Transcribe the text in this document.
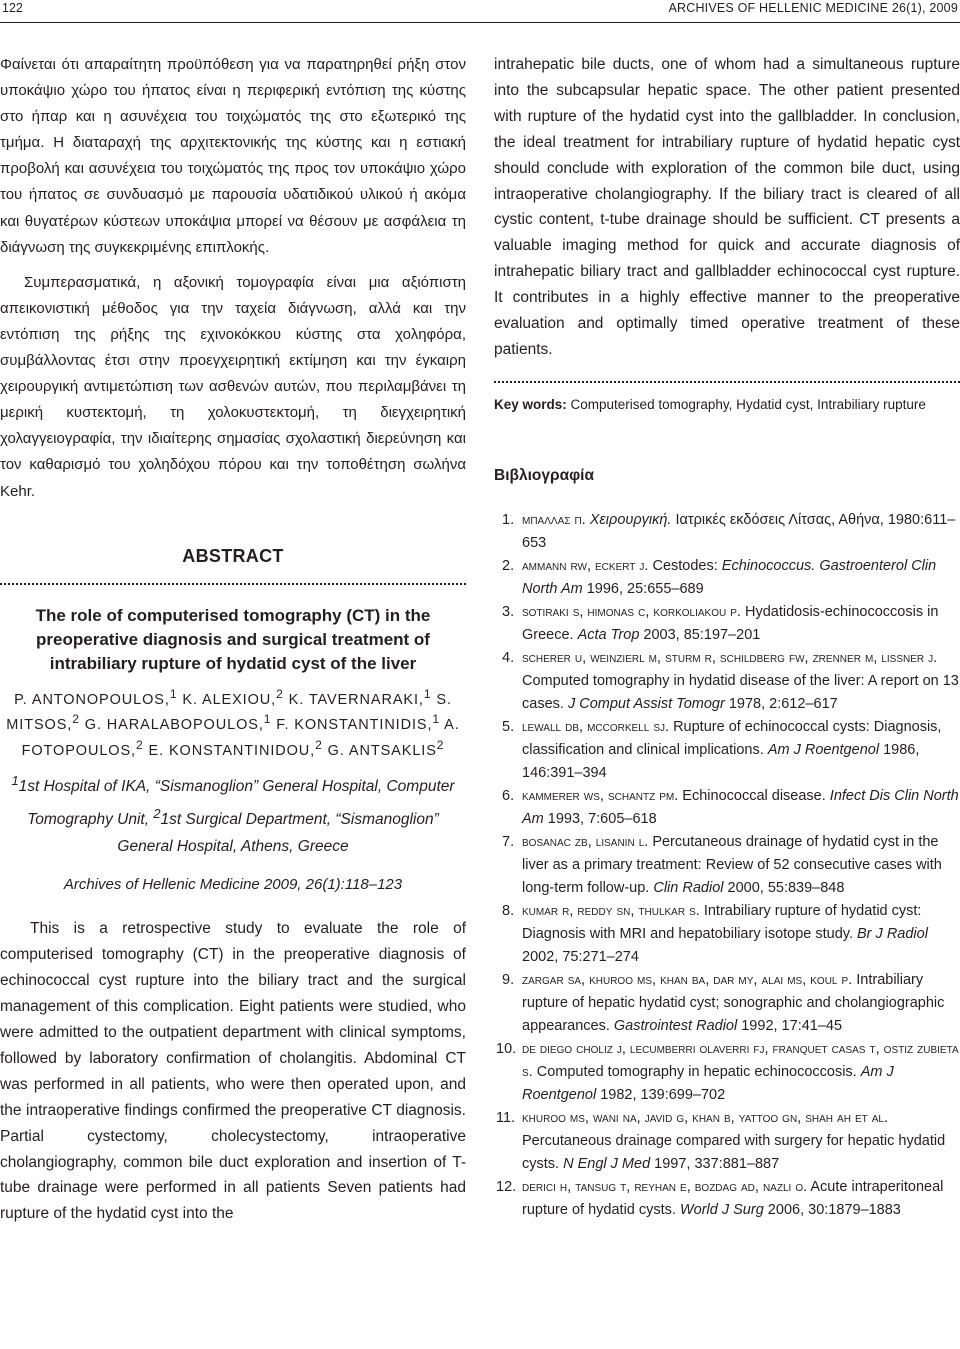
122	ARCHIVES OF HELLENIC MEDICINE 26(1), 2009

Φαίνεται ότι απαραίτητη προϋπόθεση για να παρατηρηθεί ρήξη στον υποκάψιο χώρο του ήπατος είναι η περιφερική εντόπιση της κύστης στο ήπαρ και η ασυνέχεια του τοιχώματός της στο εξωτερικό της τμήμα. Η διαταραχή της αρχιτεκτονικής της κύστης και η εστιακή προβολή και ασυνέχεια του τοιχώματός της προς τον υποκάψιο χώρο του ήπατος σε συνδυασμό με παρουσία υδατιδικού υλικού ή ακόμα και θυγατέρων κύστεων υποκάψια μπορεί να θέσουν με ασφάλεια τη διάγνωση της συγκεκριμένης επιπλοκής.

Συμπερασματικά, η αξονική τομογραφία είναι μια αξιόπιστη απεικονιστική μέθοδος για την ταχεία διάγνωση, αλλά και την εντόπιση της ρήξης της εχινοκόκκου κύστης στα χοληφόρα, συμβάλλοντας έτσι στην προεγχειρητική εκτίμηση και την έγκαιρη χειρουργική αντιμετώπιση των ασθενών αυτών, που περιλαμβάνει τη μερική κυστεκτομή, τη χολοκυστεκτομή, τη διεγχειρητική χολαγγειογραφία, την ιδιαίτερης σημασίας σχολαστική διερεύνηση και τον καθαρισμό του χοληδόχου πόρου και την τοποθέτηση σωλήνα Kehr.

ABSTRACT
The role of computerised tomography (CT) in the preoperative diagnosis and surgical treatment of intrabiliary rupture of hydatid cyst of the liver
P. ANTONOPOULOS,$^1$ K. ALEXIOU,$^2$ K. TAVERNARAKI,$^1$ S. MITSOS,$^2$ G. HARALABOPOULOS,$^1$ F. KONSTANTINIDIS,$^1$ A. FOTOPOULOS,$^2$ E. KONSTANTINIDOU,$^2$ G. ANTSAKLIS$^2$
$^1$1st Hospital of IKA, “Sismanoglion” General Hospital, Computer Tomography Unit, $^2$1st Surgical Department, “Sismanoglion” General Hospital, Athens, Greece
Archives of Hellenic Medicine 2009, 26(1):118–123

This is a retrospective study to evaluate the role of computerised tomography (CT) in the preoperative diagnosis of echinococcal cyst rupture into the biliary tract and the surgical management of this complication. Eight patients were studied, who were admitted to the outpatient department with clinical symptoms, followed by laboratory confirmation of cholangitis. Abdominal CT was performed in all patients, who were then operated upon, and the intraoperative findings confirmed the preoperative CT diagnosis. Partial cystectomy, cholecystectomy, intraoperative cholangiography, common bile duct exploration and insertion of T-tube drainage were performed in all patients Seven patients had rupture of the hydatid cyst into the

intrahepatic bile ducts, one of whom had a simultaneous rupture into the subcapsular hepatic space. The other patient presented with rupture of the hydatid cyst into the gallbladder. In conclusion, the ideal treatment for intrabiliary rupture of hydatid hepatic cyst should conclude with exploration of the common bile duct, using intraoperative cholangiography. If the biliary tract is cleared of all cystic content, t-tube drainage should be sufficient. CT presents a valuable imaging method for quick and accurate diagnosis of intrahepatic biliary tract and gallbladder echinococcal cyst rupture. It contributes in a highly effective manner to the preoperative evaluation and optimally timed operative treatment of these patients.

Key words: Computerised tomography, Hydatid cyst, Intrabiliary rupture
Βιβλιογραφία
1. μπαλλας π. Χειρουργική. Ιατρικές εκδόσεις Λίτσας, Αθήνα, 1980:611–653
2. ammann rw, eckert j. Cestodes: Echinococcus. Gastroenterol Clin North Am 1996, 25:655–689
3. sotiraki s, himonas c, korkoliakou p. Hydatidosis-echinococcosis in Greece. Acta Trop 2003, 85:197–201
4. scherer u, weinzierl m, sturm r, schildberg fw, zrenner m, lissner j. Computed tomography in hydatid disease of the liver: A report on 13 cases. J Comput Assist Tomogr 1978, 2:612–617
5. lewall db, mccorkell sj. Rupture of echinococcal cysts: Diagnosis, classification and clinical implications. Am J Roentgenol 1986, 146:391–394
6. kammerer ws, schantz pm. Echinococcal disease. Infect Dis Clin North Am 1993, 7:605–618
7. bosanac zb, lisanin l. Percutaneous drainage of hydatid cyst in the liver as a primary treatment: Review of 52 consecutive cases with long-term follow-up. Clin Radiol 2000, 55:839–848
8. kumar r, reddy sn, thulkar s. Intrabiliary rupture of hydatid cyst: Diagnosis with MRI and hepatobiliary isotope study. Br J Radiol 2002, 75:271–274
9. zargar sa, khuroo ms, khan ba, dar my, alai ms, koul p. Intrabiliary rupture of hepatic hydatid cyst; sonographic and cholangiographic appearances. Gastrointest Radiol 1992, 17:41–45
10. de diego choliz j, lecumberri olaverri fj, franquet casas t, ostiz zubieta s. Computed tomography in hepatic echinococcosis. Am J Roentgenol 1982, 139:699–702
11. khuroo ms, wani na, javid g, khan b, yattoo gn, shah ah et al. Percutaneous drainage compared with surgery for hepatic hydatid cysts. N Engl J Med 1997, 337:881–887
12. derici h, tansug t, reyhan e, bozdag ad, nazli o. Acute intraperitoneal rupture of hydatid cysts. World J Surg 2006, 30:1879–1883
